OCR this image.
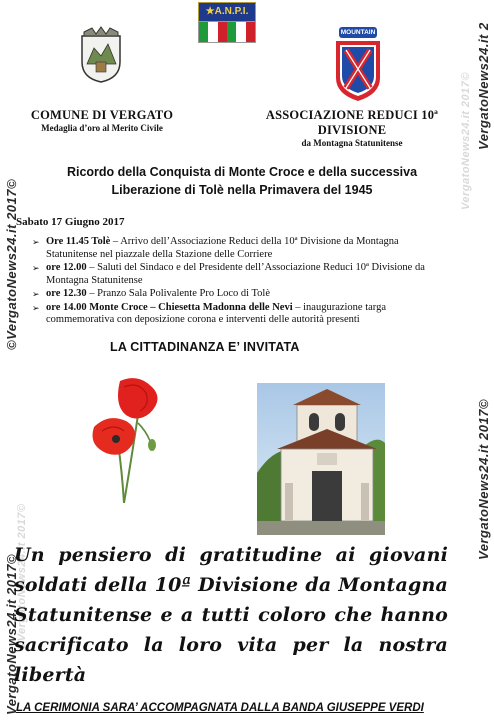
©VergatoNews24.it 2017©
©VergatoNews24.it 2017©
VergatoNews24.it 2017©
VergatoNews24.it 2
VergatoNews24.it 2017©
VergatoNews24.it 2017©
★A.N.P.I.
MOUNTAIN
COMUNE DI VERGATO
Medaglia d’oro al Merito Civile
ASSOCIAZIONE REDUCI 10ª DIVISIONE
da Montagna Statunitense
Ricordo della Conquista di Monte Croce e della successiva
Liberazione di Tolè nella Primavera del 1945
Sabato 17 Giugno 2017
➢ Ore 11.45 Tolè – Arrivo dell’Associazione Reduci della 10ª Divisione da Montagna Statunitense nel piazzale della Stazione delle Corriere
➢ ore 12.00 – Saluti del Sindaco e del Presidente dell’Associazione Reduci 10ª Divisione da Montagna Statunitense
➢ ore 12.30 – Pranzo Sala Polivalente Pro Loco di Tolè
➢ ore 14.00 Monte Croce – Chiesetta Madonna delle Nevi – inaugurazione targa commemorativa con deposizione corona e interventi delle autorità presenti
LA CITTADINANZA E’ INVITATA
Un pensiero di gratitudine ai giovani soldati della 10ª Divisione da Montagna Statunitense e a tutti coloro che hanno sacrificato la loro vita per la nostra libertà
LA CERIMONIA SARA’ ACCOMPAGNATA DALLA BANDA GIUSEPPE VERDI
